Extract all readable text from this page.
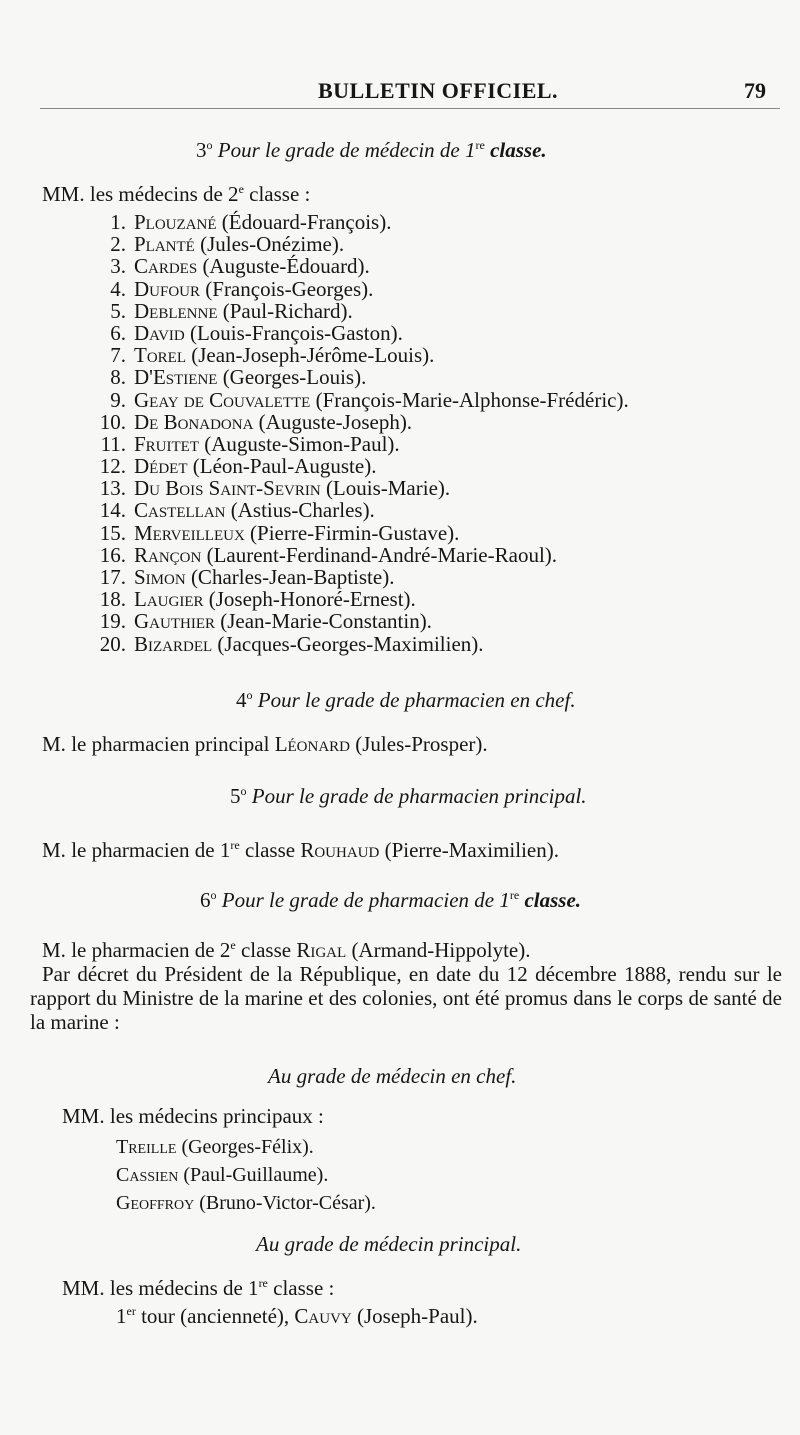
BULLETIN OFFICIEL.	79
3$^o$ Pour le grade de médecin de 1re classe.
MM. les médecins de 2e classe :
1. Plouzané (Édouard-François).
2. Planté (Jules-Onézime).
3. Cardes (Auguste-Édouard).
4. Dufour (François-Georges).
5. Deblenne (Paul-Richard).
6. David (Louis-François-Gaston).
7. Torel (Jean-Joseph-Jérôme-Louis).
8. D'Estiene (Georges-Louis).
9. Geay de Couvalette (François-Marie-Alphonse-Frédéric).
10. De Bonadona (Auguste-Joseph).
11. Fruitet (Auguste-Simon-Paul).
12. Dédet (Léon-Paul-Auguste).
13. Du Bois Saint-Sevrin (Louis-Marie).
14. Castellan (Astius-Charles).
15. Merveilleux (Pierre-Firmin-Gustave).
16. Rançon (Laurent-Ferdinand-André-Marie-Raoul).
17. Simon (Charles-Jean-Baptiste).
18. Laugier (Joseph-Honoré-Ernest).
19. Gauthier (Jean-Marie-Constantin).
20. Bizardel (Jacques-Georges-Maximilien).
4$^o$ Pour le grade de pharmacien en chef.
M. le pharmacien principal Léonard (Jules-Prosper).
5$^o$ Pour le grade de pharmacien principal.
M. le pharmacien de 1re classe Rouhaud (Pierre-Maximilien).
6$^o$ Pour le grade de pharmacien de 1re classe.
M. le pharmacien de 2e classe Rigal (Armand-Hippolyte).
Par décret du Président de la République, en date du 12 décembre 1888, rendu sur le rapport du Ministre de la marine et des colonies, ont été promus dans le corps de santé de la marine :
Au grade de médecin en chef.
MM. les médecins principaux :
Treille (Georges-Félix).
Cassien (Paul-Guillaume).
Geoffroy (Bruno-Victor-César).
Au grade de médecin principal.
MM. les médecins de 1re classe :
1er tour (ancienneté), Cauvy (Joseph-Paul).
